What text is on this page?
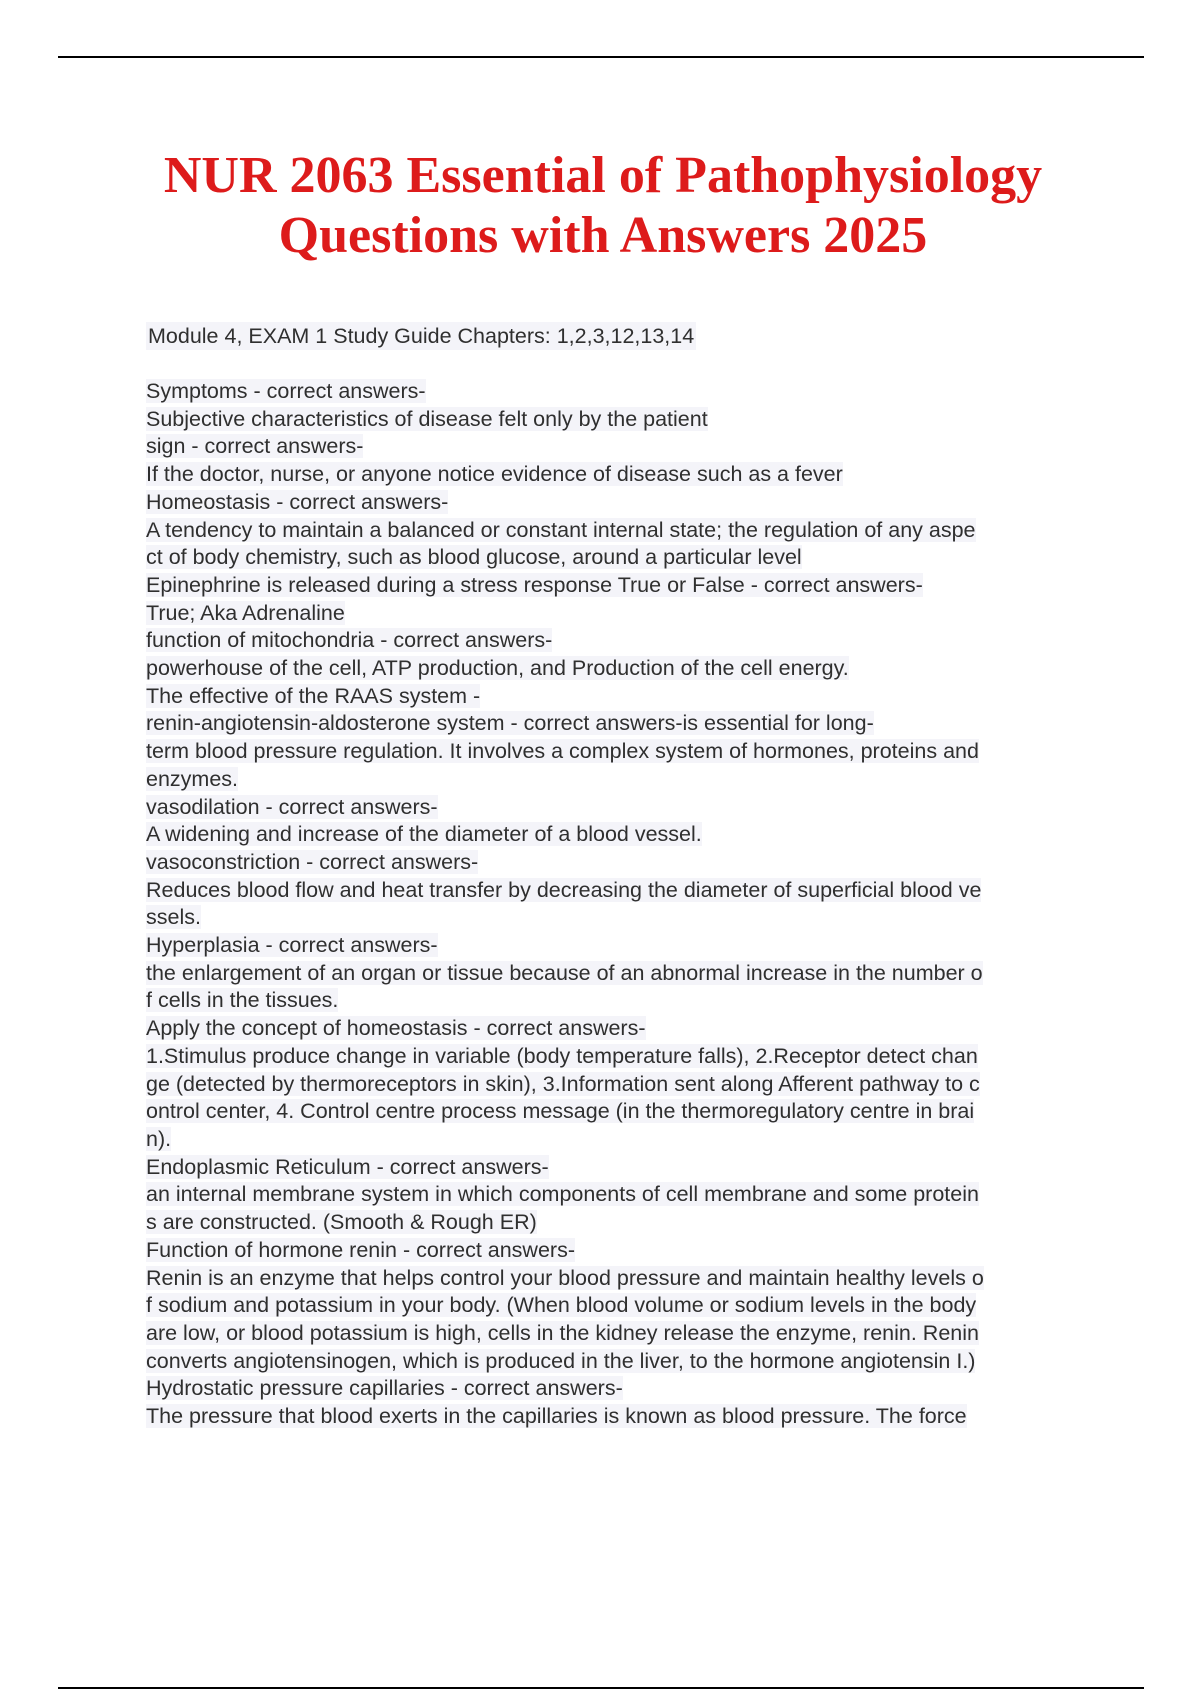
NUR 2063 Essential of Pathophysiology
Questions with Answers 2025
Module 4, EXAM 1 Study Guide Chapters: 1,2,3,12,13,14
Symptoms - correct answers-
Subjective characteristics of disease felt only by the patient
sign - correct answers-
If the doctor, nurse, or anyone notice evidence of disease such as a fever
Homeostasis - correct answers-
A tendency to maintain a balanced or constant internal state; the regulation of any aspe
ct of body chemistry, such as blood glucose, around a particular level
Epinephrine is released during a stress response True or False - correct answers-
True; Aka Adrenaline
function of mitochondria - correct answers-
powerhouse of the cell, ATP production, and Production of the cell energy.
The effective of the RAAS system -
renin-angiotensin-aldosterone system - correct answers-is essential for long-
term blood pressure regulation. It involves a complex system of hormones, proteins and
enzymes.
vasodilation - correct answers-
A widening and increase of the diameter of a blood vessel.
vasoconstriction - correct answers-
Reduces blood flow and heat transfer by decreasing the diameter of superficial blood ve
ssels.
Hyperplasia - correct answers-
the enlargement of an organ or tissue because of an abnormal increase in the number o
f cells in the tissues.
Apply the concept of homeostasis - correct answers-
1.Stimulus produce change in variable (body temperature falls), 2.Receptor detect chan
ge (detected by thermoreceptors in skin), 3.Information sent along Afferent pathway to c
ontrol center, 4. Control centre process message (in the thermoregulatory centre in brai
n).
Endoplasmic Reticulum - correct answers-
an internal membrane system in which components of cell membrane and some protein
s are constructed. (Smooth & Rough ER)
Function of hormone renin - correct answers-
Renin is an enzyme that helps control your blood pressure and maintain healthy levels o
f sodium and potassium in your body. (When blood volume or sodium levels in the body
are low, or blood potassium is high, cells in the kidney release the enzyme, renin. Renin
converts angiotensinogen, which is produced in the liver, to the hormone angiotensin I.)
Hydrostatic pressure capillaries - correct answers-
The pressure that blood exerts in the capillaries is known as blood pressure. The force
